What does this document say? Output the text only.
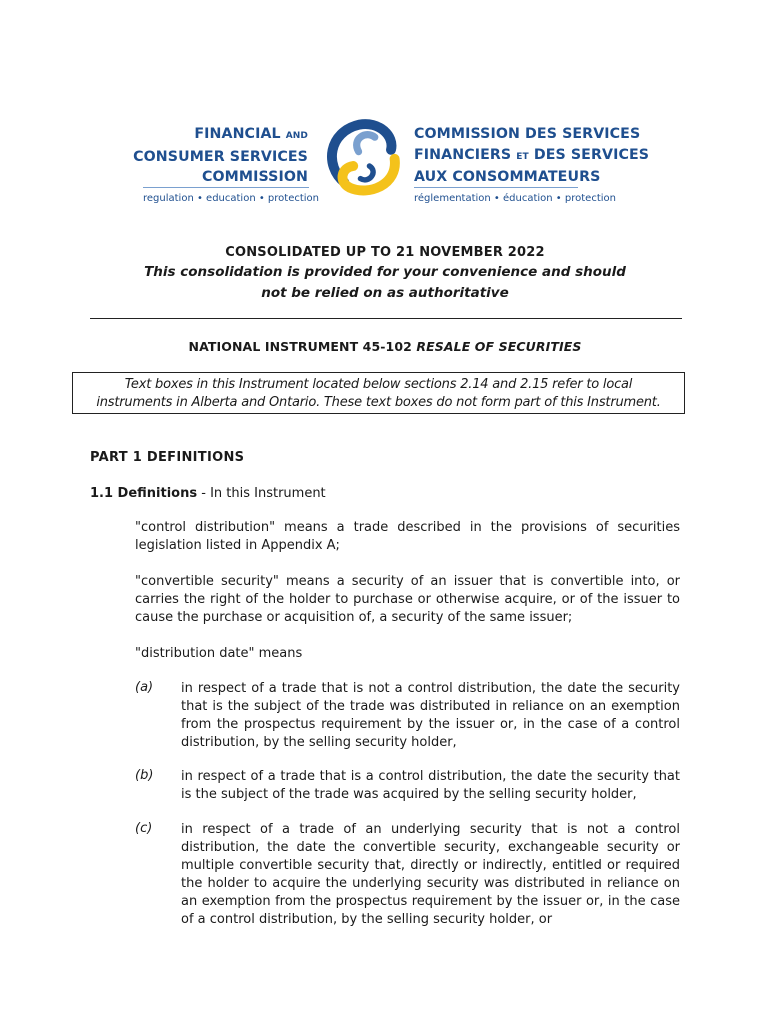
FINANCIAL AND
CONSUMER SERVICES
COMMISSION
COMMISSION DES SERVICES
FINANCIERS ET DES SERVICES
AUX CONSOMMATEURS
regulation • education • protection	réglementation • éducation • protection
CONSOLIDATED UP TO 21 NOVEMBER 2022
This consolidation is provided for your convenience and should
not be relied on as authoritative
NATIONAL INSTRUMENT 45-102 RESALE OF SECURITIES
Text boxes in this Instrument located below sections 2.14 and 2.15 refer to local
instruments in Alberta and Ontario. These text boxes do not form part of this Instrument.
PART 1 DEFINITIONS
1.1 Definitions - In this Instrument
"control distribution" means a trade described in the provisions of securities legislation listed in Appendix A;
"convertible security" means a security of an issuer that is convertible into, or carries the right of the holder to purchase or otherwise acquire, or of the issuer to cause the purchase or acquisition of, a security of the same issuer;
"distribution date" means
(a) in respect of a trade that is not a control distribution, the date the security that is the subject of the trade was distributed in reliance on an exemption from the prospectus requirement by the issuer or, in the case of a control distribution, by the selling security holder,
(b) in respect of a trade that is a control distribution, the date the security that is the subject of the trade was acquired by the selling security holder,
(c) in respect of a trade of an underlying security that is not a control distribution, the date the convertible security, exchangeable security or multiple convertible security that, directly or indirectly, entitled or required the holder to acquire the underlying security was distributed in reliance on an exemption from the prospectus requirement by the issuer or, in the case of a control distribution, by the selling security holder, or
